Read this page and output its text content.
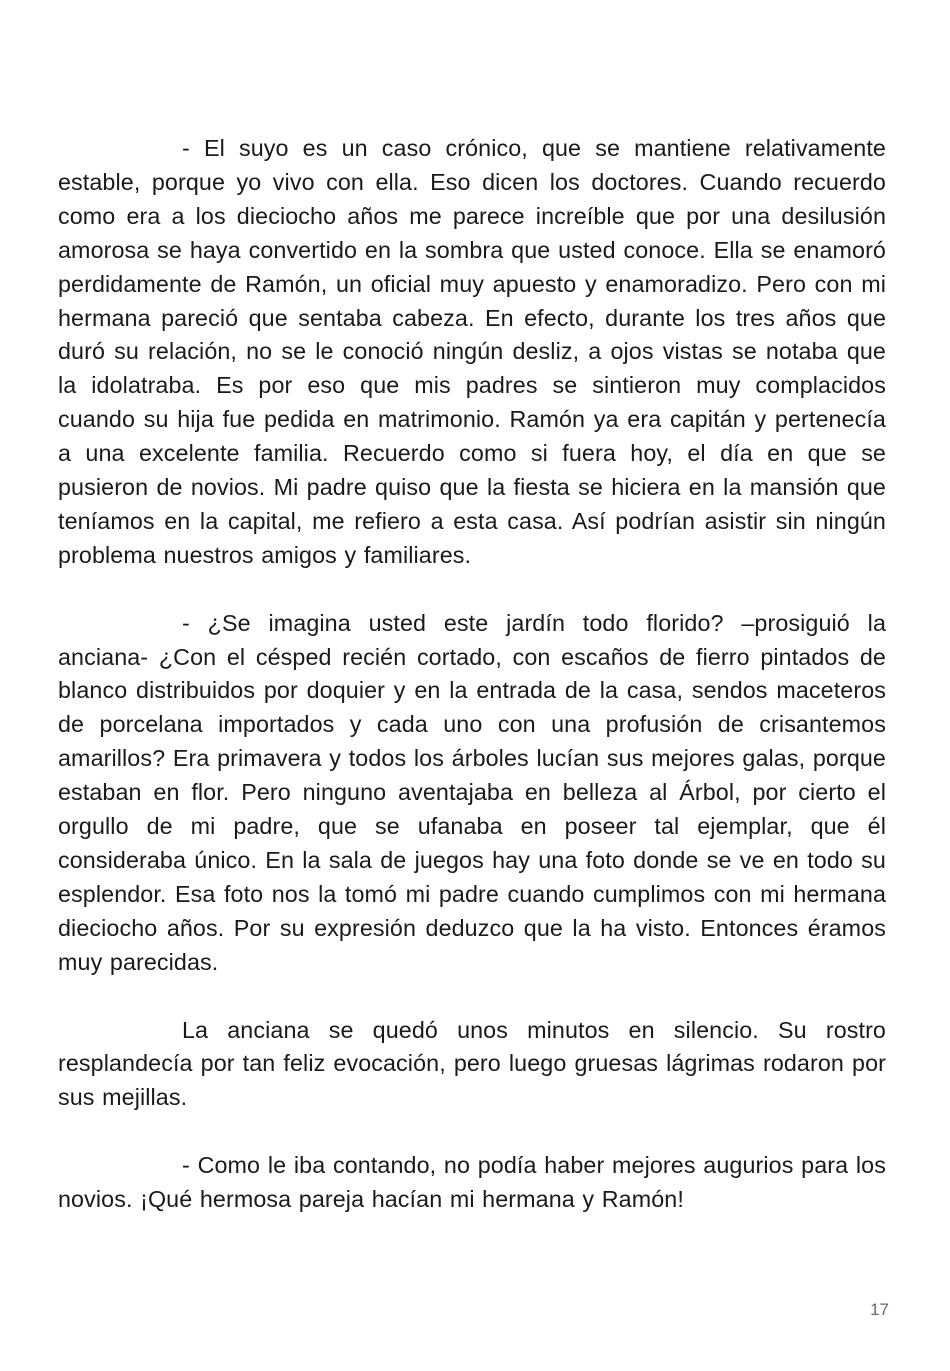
- El suyo es un caso crónico, que se mantiene relativamente estable, porque yo vivo con ella. Eso dicen los doctores. Cuando recuerdo como era a los dieciocho años me parece increíble que por una desilusión amorosa se haya convertido en la sombra que usted conoce. Ella se enamoró perdidamente de Ramón, un oficial muy apuesto y enamoradizo. Pero con mi hermana pareció que sentaba cabeza. En efecto, durante los tres años que duró su relación, no se le conoció ningún desliz, a ojos vistas se notaba que la idolatraba. Es por eso que mis padres se sintieron muy complacidos cuando su hija fue pedida en matrimonio. Ramón ya era capitán y pertenecía a una excelente familia. Recuerdo como si fuera hoy, el día en que se pusieron de novios. Mi padre quiso que la fiesta se hiciera en la mansión que teníamos en la capital, me refiero a esta casa. Así podrían asistir sin ningún problema nuestros amigos y familiares.

- ¿Se imagina usted este jardín todo florido? –prosiguió la anciana- ¿Con el césped recién cortado, con escaños de fierro pintados de blanco distribuidos por doquier y en la entrada de la casa, sendos maceteros de porcelana importados y cada uno con una profusión de crisantemos amarillos? Era primavera y todos los árboles lucían sus mejores galas, porque estaban en flor. Pero ninguno aventajaba en belleza al Árbol, por cierto el orgullo de mi padre, que se ufanaba en poseer tal ejemplar, que él consideraba único. En la sala de juegos hay una foto donde se ve en todo su esplendor. Esa foto nos la tomó mi padre cuando cumplimos con mi hermana dieciocho años. Por su expresión deduzco que la ha visto. Entonces éramos muy parecidas.

La anciana se quedó unos minutos en silencio. Su rostro resplandecía por tan feliz evocación, pero luego gruesas lágrimas rodaron por sus mejillas.

- Como le iba contando, no podía haber mejores augurios para los novios. ¡Qué hermosa pareja hacían mi hermana y Ramón!

17
